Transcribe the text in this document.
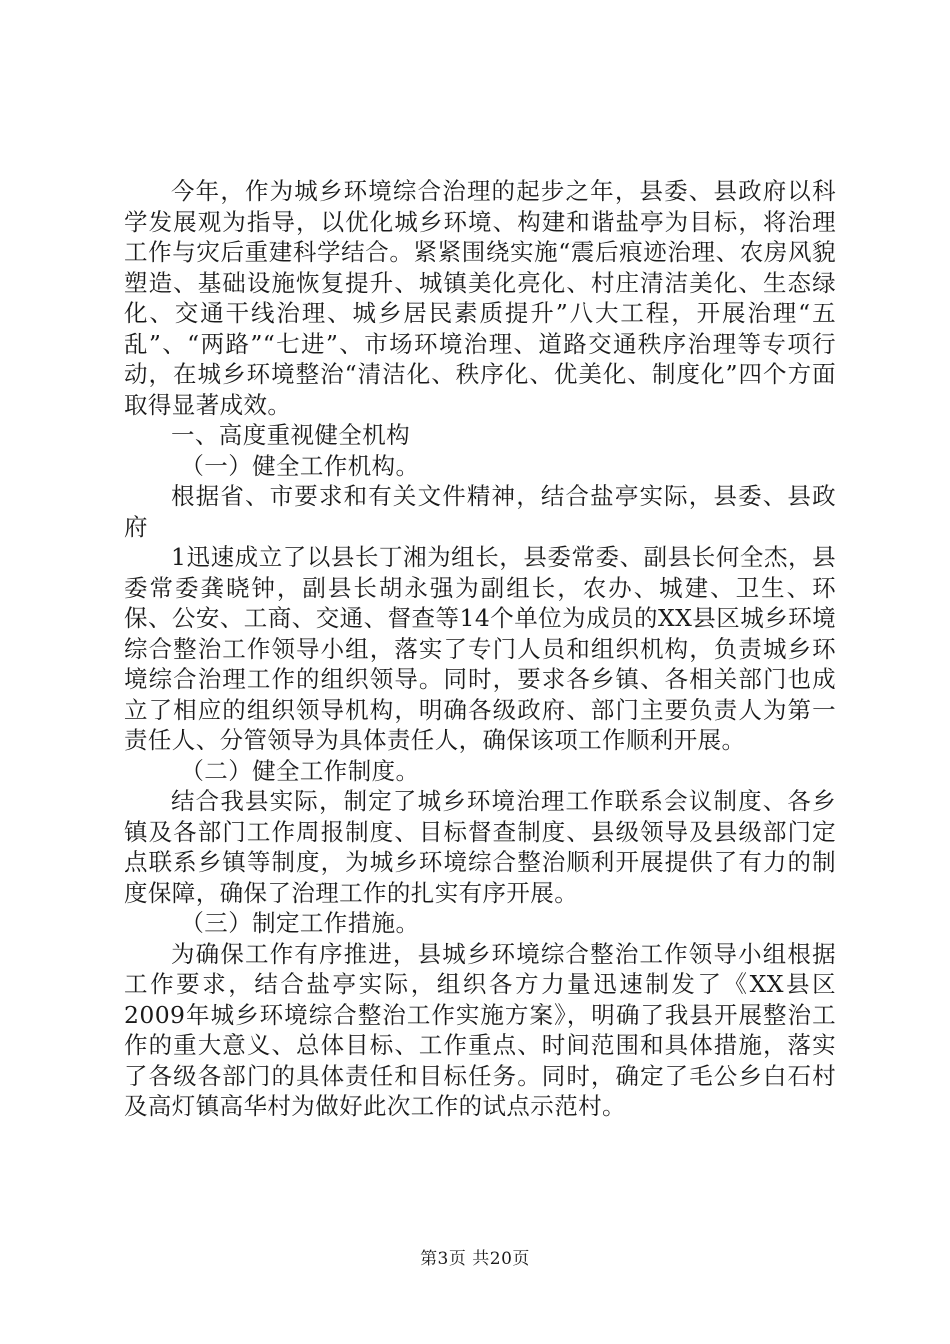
今年，作为城乡环境综合治理的起步之年，县委、县政府以科学发展观为指导，以优化城乡环境、构建和谐盐亭为目标，将治理工作与灾后重建科学结合。紧紧围绕实施“震后痕迹治理、农房风貌塑造、基础设施恢复提升、城镇美化亮化、村庄清洁美化、生态绿化、交通干线治理、城乡居民素质提升”八大工程，开展治理“五乱”、“两路”“七进”、市场环境治理、道路交通秩序治理等专项行动，在城乡环境整治“清洁化、秩序化、优美化、制度化”四个方面取得显著成效。

一、高度重视健全机构

（一）健全工作机构。

根据省、市要求和有关文件精神，结合盐亭实际，县委、县政府

1迅速成立了以县长丁湘为组长，县委常委、副县长何全杰，县委常委龚晓钟，副县长胡永强为副组长，农办、城建、卫生、环保、公安、工商、交通、督查等14个单位为成员的XX县区城乡环境综合整治工作领导小组，落实了专门人员和组织机构，负责城乡环境综合治理工作的组织领导。同时，要求各乡镇、各相关部门也成立了相应的组织领导机构，明确各级政府、部门主要负责人为第一责任人、分管领导为具体责任人，确保该项工作顺利开展。

（二）健全工作制度。

结合我县实际，制定了城乡环境治理工作联系会议制度、各乡镇及各部门工作周报制度、目标督查制度、县级领导及县级部门定点联系乡镇等制度，为城乡环境综合整治顺利开展提供了有力的制度保障，确保了治理工作的扎实有序开展。

（三）制定工作措施。

为确保工作有序推进，县城乡环境综合整治工作领导小组根据工作要求，结合盐亭实际，组织各方力量迅速制发了《XX县区2009年城乡环境综合整治工作实施方案》，明确了我县开展整治工作的重大意义、总体目标、工作重点、时间范围和具体措施，落实了各级各部门的具体责任和目标任务。同时，确定了毛公乡白石村及高灯镇高华村为做好此次工作的试点示范村。

第3页 共20页
